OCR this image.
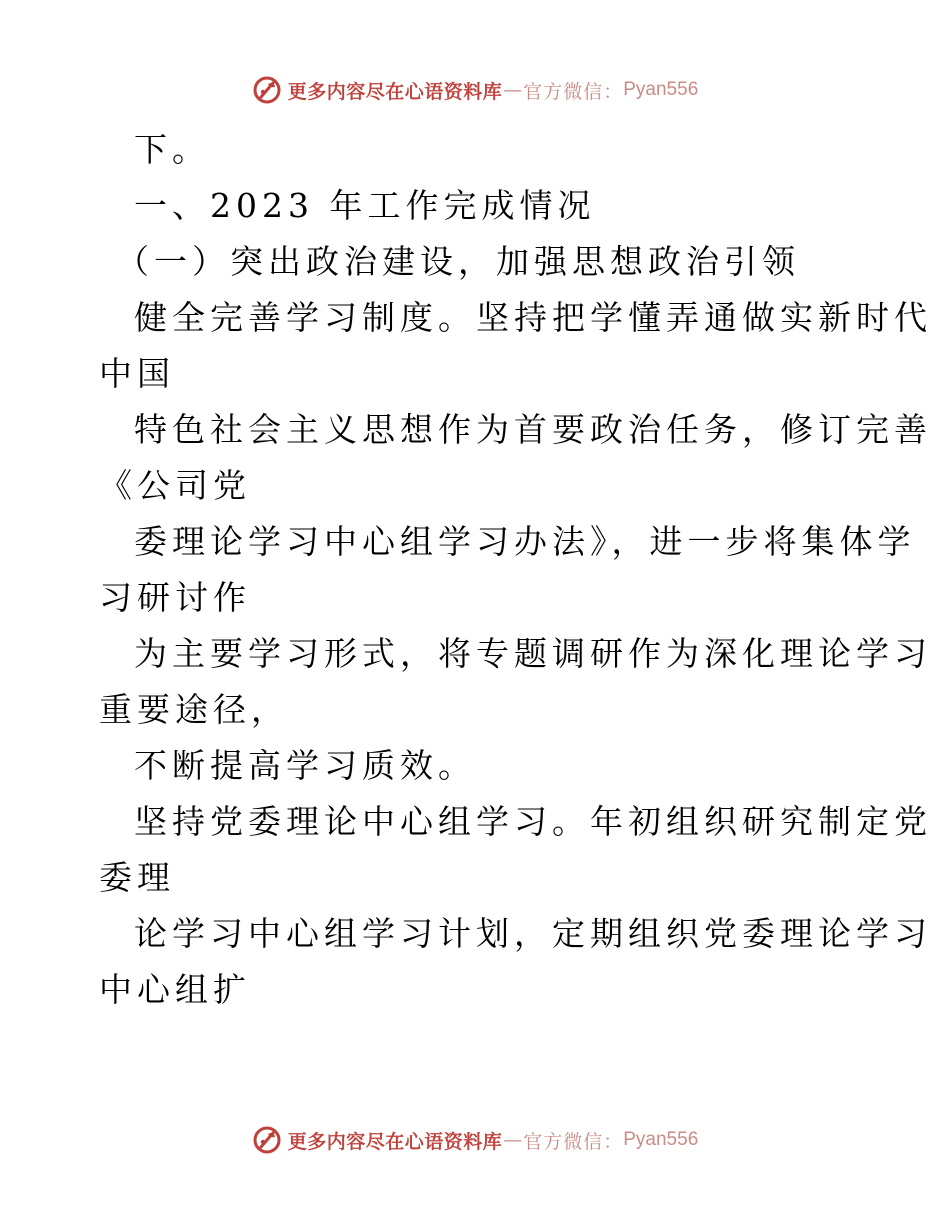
更多内容尽在心语资料库 — 官方微信： Pyan556

下。

一、2023 年工作完成情况

（一）突出政治建设，加强思想政治引领

健全完善学习制度。坚持把学懂弄通做实新时代

中国

特色社会主义思想作为首要政治任务，修订完善

《公司党

委理论学习中心组学习办法》，进一步将集体学

习研讨作

为主要学习形式，将专题调研作为深化理论学习

重要途径，

不断提高学习质效。

坚持党委理论中心组学习。年初组织研究制定党

委理

论学习中心组学习计划，定期组织党委理论学习

中心组扩

更多内容尽在心语资料库 — 官方微信： Pyan556
